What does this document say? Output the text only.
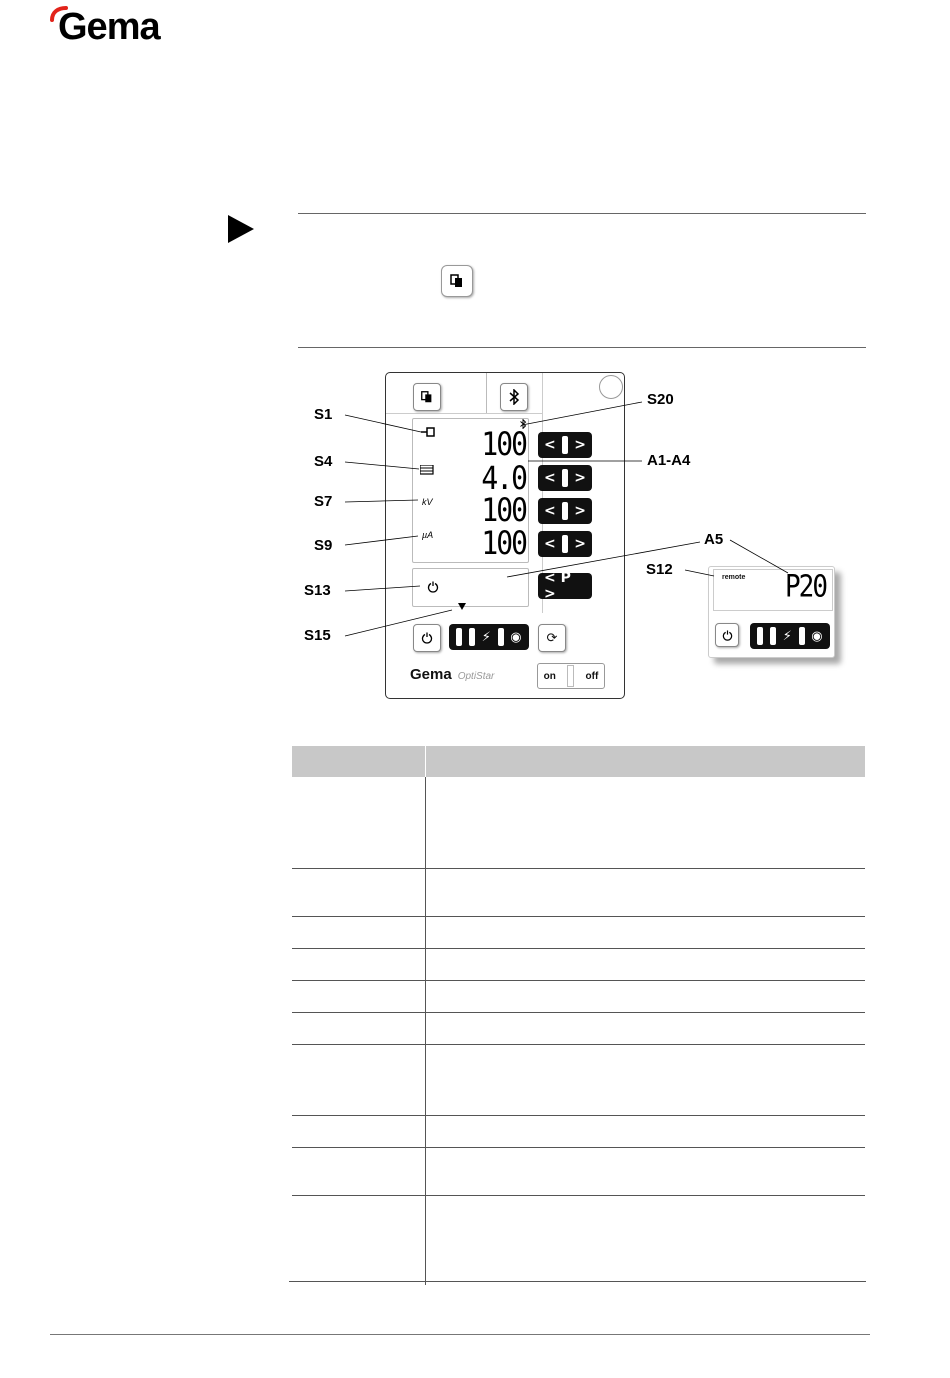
Gema
100 < >
4.0 < >
kV 100 < >
µA 100 < >
< P >
⚡ ◉ ⟳
Gema OptiStar	on	off
remote P20
⚡ ◉
S1
S4
S7
S9
S13
S15
S20
A1-A4
A5
S12
